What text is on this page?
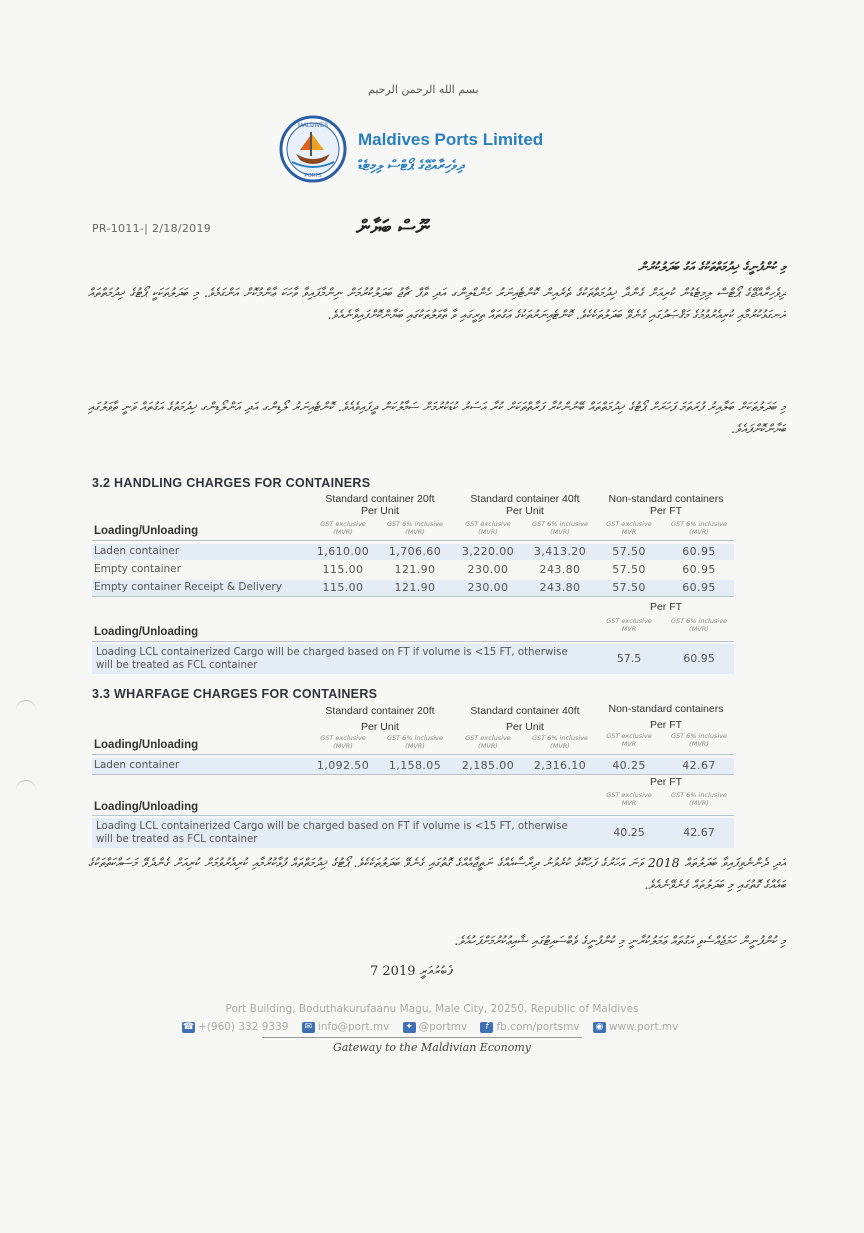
بسم الله الرحمن الرحيم
MALDIVES
PORTS
Maldives Ports Limited
ދިވެހިރާއްޖޭގެ ޕޯޓްސް ލިމިޓެޑް
PR-1011-| 2/18/2019	ނޫސް ބަޔާން
މި ކުންފުނީގެ ޚިދުމަތްތަކުގެ އަގު ބަދަލުކުރުން
ދިވެހިރާއްޖޭގެ ޕޯޓްސް ލިމިޓެޑުން ކުރިއަށް ގެންދާ ޚިދުމަތްތަކުގެ ތެރެއިން ކޮންޓެއިނަރު ހެންޑްލިންގ އަދި ވާފް ޗާޖު ބަދަލުކުރުމަށް ނިންމާފައިވާ ވާހަކަ ޢާންމުކޮށް އަންގަމެވެ. މި ބަދަލުތަކަކީ ޕޯޓުގެ ޚިދުމަތްތައް ރަނގަޅުކުރުމާއި ކުރިއެރުވުމުގެ މަޤްޞަދުގައި ގެނެވޭ ބަދަލުތަކެކެވެ. ކޮންޓެއިނަރުތަކުގެ އަގުތައް ތިރީގައި ވާ ތާވަލުތަކުގައި ބަޔާންކޮށްފައިވާނެއެވެ.
މި ބަދަލުތަކަށް ބަލާއިރު ފުރަތަމަ ފަހަރަށް ޕޯޓުގެ ޚިދުމަތްތައް ބޭނުންކުރާ ފަރާތްތަކަށް ކުރާ އަސަރު ކުޑަކުރުމަށް ސަމާލުކަން ދީފައިވެއެވެ. ކޮންޓެއިނަރު ލޯޑިންގ އަދި އަންލޯޑިންގ ޚިދުމަތުގެ އަގުތައް ވަނީ ތާވަލުގައި ބަޔާންކޮށްފައެވެ.
3.2 HANDLING CHARGES FOR CONTAINERS
Standard container 20ft
Per Unit
Standard container 40ft
Per Unit
Non-standard containers
Per FT
GST exclusive (MVR)
GST 6% inclusive (MVR)
GST exclusive (MVR)
GST 6% inclusive (MVR)
GST exclusive MVR
GST 6% inclusive (MVR)
Loading/Unloading
Laden container	1,610.00	1,706.60	3,220.00	3,413.20	57.50	60.95
Empty container	115.00	121.90	230.00	243.80	57.50	60.95
Empty container Receipt & Delivery	115.00	121.90	230.00	243.80	57.50	60.95
Per FT
GST exclusive MVR
GST 6% inclusive (MVR)
Loading/Unloading
Loading LCL containerized Cargo will be charged based on FT if volume is <15 FT, otherwise will be treated as FCL container
57.5	60.95
3.3 WHARFAGE CHARGES FOR CONTAINERS
Standard container 20ft
Per Unit
Standard container 40ft
Per Unit
Non-standard containers
Per FT
GST exclusive (MVR)
GST 6% inclusive (MVR)
GST exclusive (MVR)
GST 6% inclusive (MVR)
GST exclusive MVR
GST 6% inclusive (MVR)
Loading/Unloading
Laden container	1,092.50	1,158.05	2,185.00	2,316.10	40.25	42.67
Per FT
GST exclusive MVR
GST 6% inclusive (MVR)
Loading/Unloading
Loading LCL containerized Cargo will be charged based on FT if volume is <15 FT, otherwise will be treated as FCL container
40.25	42.67
އަދި ދެންނެވިފައިވާ ބަދަލުތައް 2018 ވަނަ އަހަރުގެ ފަހުކޮޅު ކުރެވުނު ދިރާސާއެއްގެ ނަތީޖާއެއްގެ ގޮތުގައި ގެނެވޭ ބަދަލުތަކެކެވެ. ޕޯޓުގެ ޚިދުމަތްތައް ފުޅާކުރުމާއި ކުރިއެރުވުމަށް ކުރިއަށް ގެންދެވޭ މަސައްކަތްތަކުގެ ބައެއްގެ ގޮތުގައި މި ބަދަލުތައް ގެނެވޭނެއެވެ.
މި ކުންފުނީން ހަމަޖެއްސެވި އަގުތައް ޢަމަލުކުރާނީ މި ކުންފުނީގެ ވެބްސައިޓުގައި ޝާއިޢުކުރުމަށްފަހުއެވެ.
7 ފެބުރުއަރީ 2019
Port Building, Boduthakurufaanu Magu, Male City, 20250, Republic of Maldives
☎ +(960) 332 9339 ✉ info@port.mv ✦ @portmv f fb.com/portsmv ◉ www.port.mv
Gateway to the Maldivian Economy
